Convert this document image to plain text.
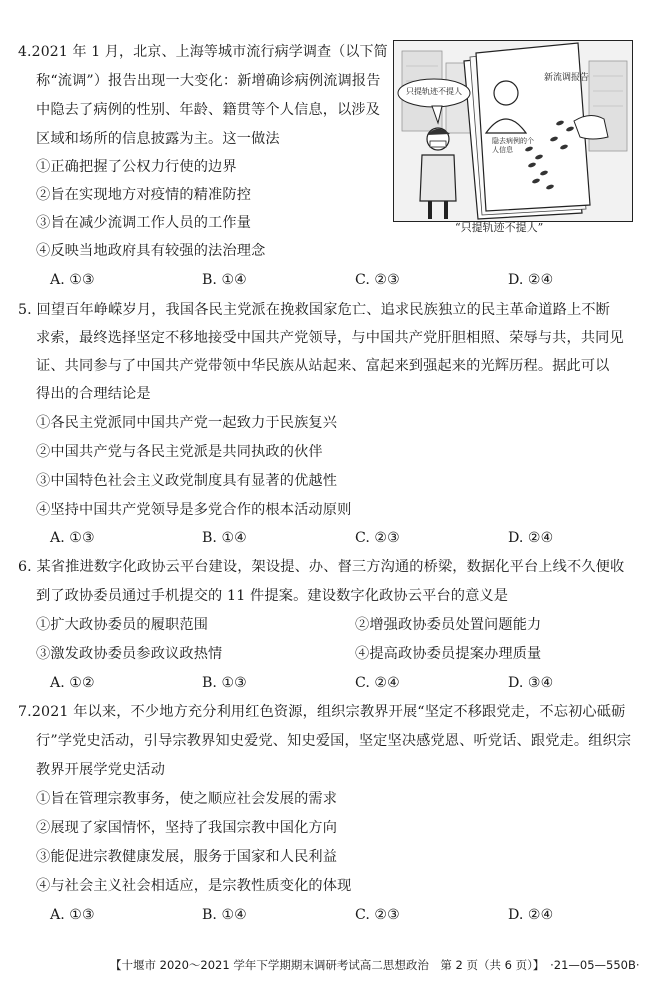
4.2021 年 1 月，北京、上海等城市流行病学调查（以下简
称“流调”）报告出现一大变化：新增确诊病例流调报告
中隐去了病例的性别、年龄、籍贯等个人信息，以涉及
区域和场所的信息披露为主。这一做法
①正确把握了公权力行使的边界
②旨在实现地方对疫情的精准防控
③旨在减少流调工作人员的工作量
④反映当地政府具有较强的法治理念
A. ①③	B. ①④	C. ②③	D. ②④
新流调报告
只提轨迹不提人
隐去病例的个人信息
“只提轨迹不提人”
5. 回望百年峥嵘岁月，我国各民主党派在挽救国家危亡、追求民族独立的民主革命道路上不断
求索，最终选择坚定不移地接受中国共产党领导，与中国共产党肝胆相照、荣辱与共，共同见
证、共同参与了中国共产党带领中华民族从站起来、富起来到强起来的光辉历程。据此可以
得出的合理结论是
①各民主党派同中国共产党一起致力于民族复兴
②中国共产党与各民主党派是共同执政的伙伴
③中国特色社会主义政党制度具有显著的优越性
④坚持中国共产党领导是多党合作的根本活动原则
A. ①③	B. ①④	C. ②③	D. ②④
6. 某省推进数字化政协云平台建设，架设提、办、督三方沟通的桥梁，数据化平台上线不久便收
到了政协委员通过手机提交的 11 件提案。建设数字化政协云平台的意义是
①扩大政协委员的履职范围	②增强政协委员处置问题能力
③激发政协委员参政议政热情	④提高政协委员提案办理质量
A. ①②	B. ①③	C. ②④	D. ③④
7.2021 年以来，不少地方充分利用红色资源，组织宗教界开展“坚定不移跟党走，不忘初心砥砺
行”学党史活动，引导宗教界知史爱党、知史爱国，坚定坚决感党恩、听党话、跟党走。组织宗
教界开展学党史活动
①旨在管理宗教事务，使之顺应社会发展的需求
②展现了家国情怀，坚持了我国宗教中国化方向
③能促进宗教健康发展，服务于国家和人民利益
④与社会主义社会相适应，是宗教性质变化的体现
A. ①③	B. ①④	C. ②③	D. ②④
【十堰市 2020～2021 学年下学期期末调研考试高二思想政治　第 2 页（共 6 页）】　·21—05—550B·
